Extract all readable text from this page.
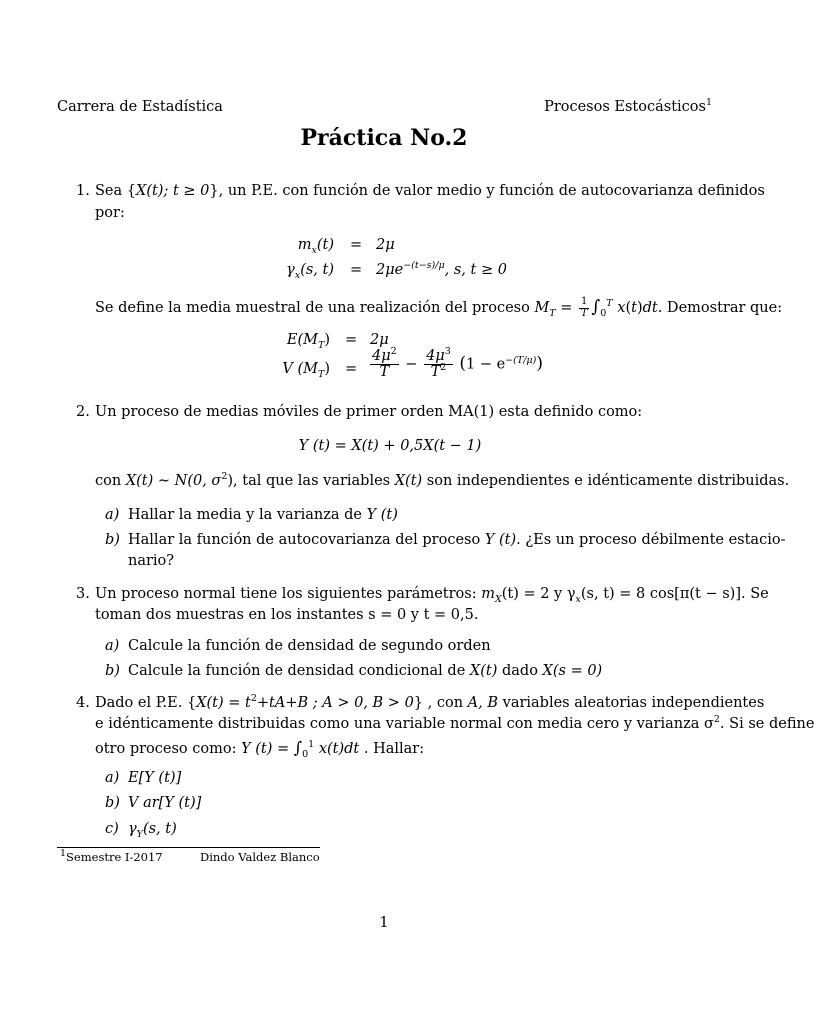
Carrera de Estadística	Procesos Estocásticos$^1$
Práctica No.2
1. Sea {X(t); t ≥ 0}, un P.E. con función de valor medio y función de autocovarianza definidos
por:
$m_x(t) = 2\mu$
$\gamma_x(s$, $t) = 2\mu e^{-(t-s)/\mu}$, s, t ≥ 0
Se define la media muestral de una realización del proceso $M_T = \frac{1}{T} \int_0^T$ x(t)dt. Demostrar que:
$E(M_T) = 2\mu$
V $(M_T) = \frac{4\mu^2}{T} - \frac{4\mu^3}{T^2} (1 - e^{-(T/\mu)})$
2. Un proceso de medias móviles de primer orden MA(1) esta definido como:
Y (t) = X(t) + 0,5X(t − 1)
con X(t) ∼ N(0, $\sigma^2$), tal que las variables X(t) son independientes e idénticamente distribuidas.
a) Hallar la media y la varianza de Y (t)
b) Hallar la función de autocovarianza del proceso Y (t). ¿Es un proceso débilmente estacio-
nario?
3. Un proceso normal tiene los siguientes parámetros: $m_X(t) = 2$ y $\gamma_x(s$, t) = 8 cos[π(t − s)]. Se
toman dos muestras en los instantes s = 0 y t = 0,5.
a) Calcule la función de densidad de segundo orden
b) Calcule la función de densidad condicional de X(t) dado X(s = 0)
4. Dado el P.E. {$X(t) = t^2+tA+B$ ; A > 0, B > 0} , con A, B variables aleatorias independientes
e idénticamente distribuidas como una variable normal con media cero y varianza $\sigma^2$. Si se define
otro proceso como: Y $(t) = \int_0^1$ x(t)dt . Hallar:
a) E[Y (t)]
b) V ar[Y (t)]
c) $\gamma_Y(s$, t)
$^1$Semestre I-2017	Dindo Valdez Blanco
1
